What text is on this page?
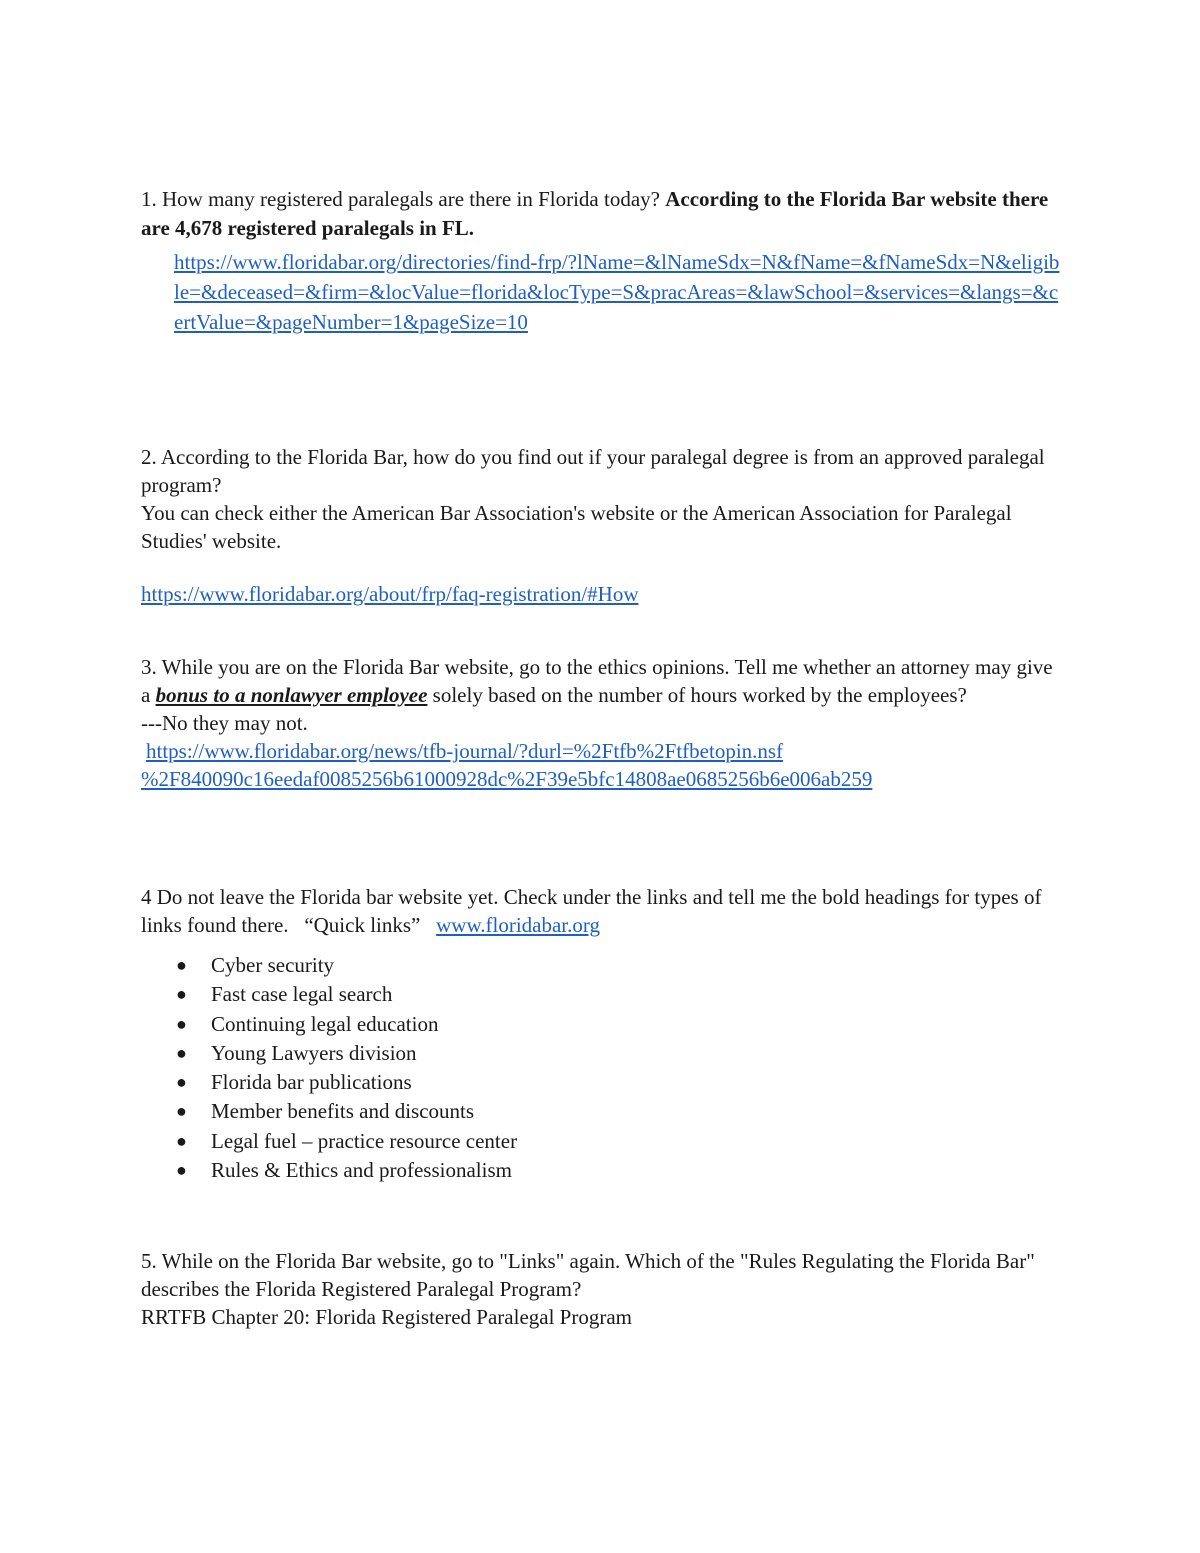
1. How many registered paralegals are there in Florida today? According to the Florida Bar website there are 4,678 registered paralegals in FL.

https://www.floridabar.org/directories/find-frp/?lName=&lNameSdx=N&fName=&fNameSdx=N&eligible=&deceased=&firm=&locValue=florida&locType=S&pracAreas=&lawSchool=&services=&langs=&certValue=&pageNumber=1&pageSize=10

2. According to the Florida Bar, how do you find out if your paralegal degree is from an approved paralegal program?

You can check either the American Bar Association's website or the American Association for Paralegal Studies' website.

https://www.floridabar.org/about/frp/faq-registration/#How

3. While you are on the Florida Bar website, go to the ethics opinions. Tell me whether an attorney may give a bonus to a nonlawyer employee solely based on the number of hours worked by the employees?

---No they may not.

https://www.floridabar.org/news/tfb-journal/?durl=%2Ftfb%2Ftfbetopin.nsf

%2F840090c16eedaf0085256b61000928dc%2F39e5bfc14808ae0685256b6e006ab259

4 Do not leave the Florida bar website yet. Check under the links and tell me the bold headings for types of links found there. “Quick links” www.floridabar.org

● Cyber security
● Fast case legal search
● Continuing legal education
● Young Lawyers division
● Florida bar publications
● Member benefits and discounts
● Legal fuel – practice resource center
● Rules & Ethics and professionalism

5. While on the Florida Bar website, go to "Links" again. Which of the "Rules Regulating the Florida Bar" describes the Florida Registered Paralegal Program?

RRTFB Chapter 20: Florida Registered Paralegal Program
